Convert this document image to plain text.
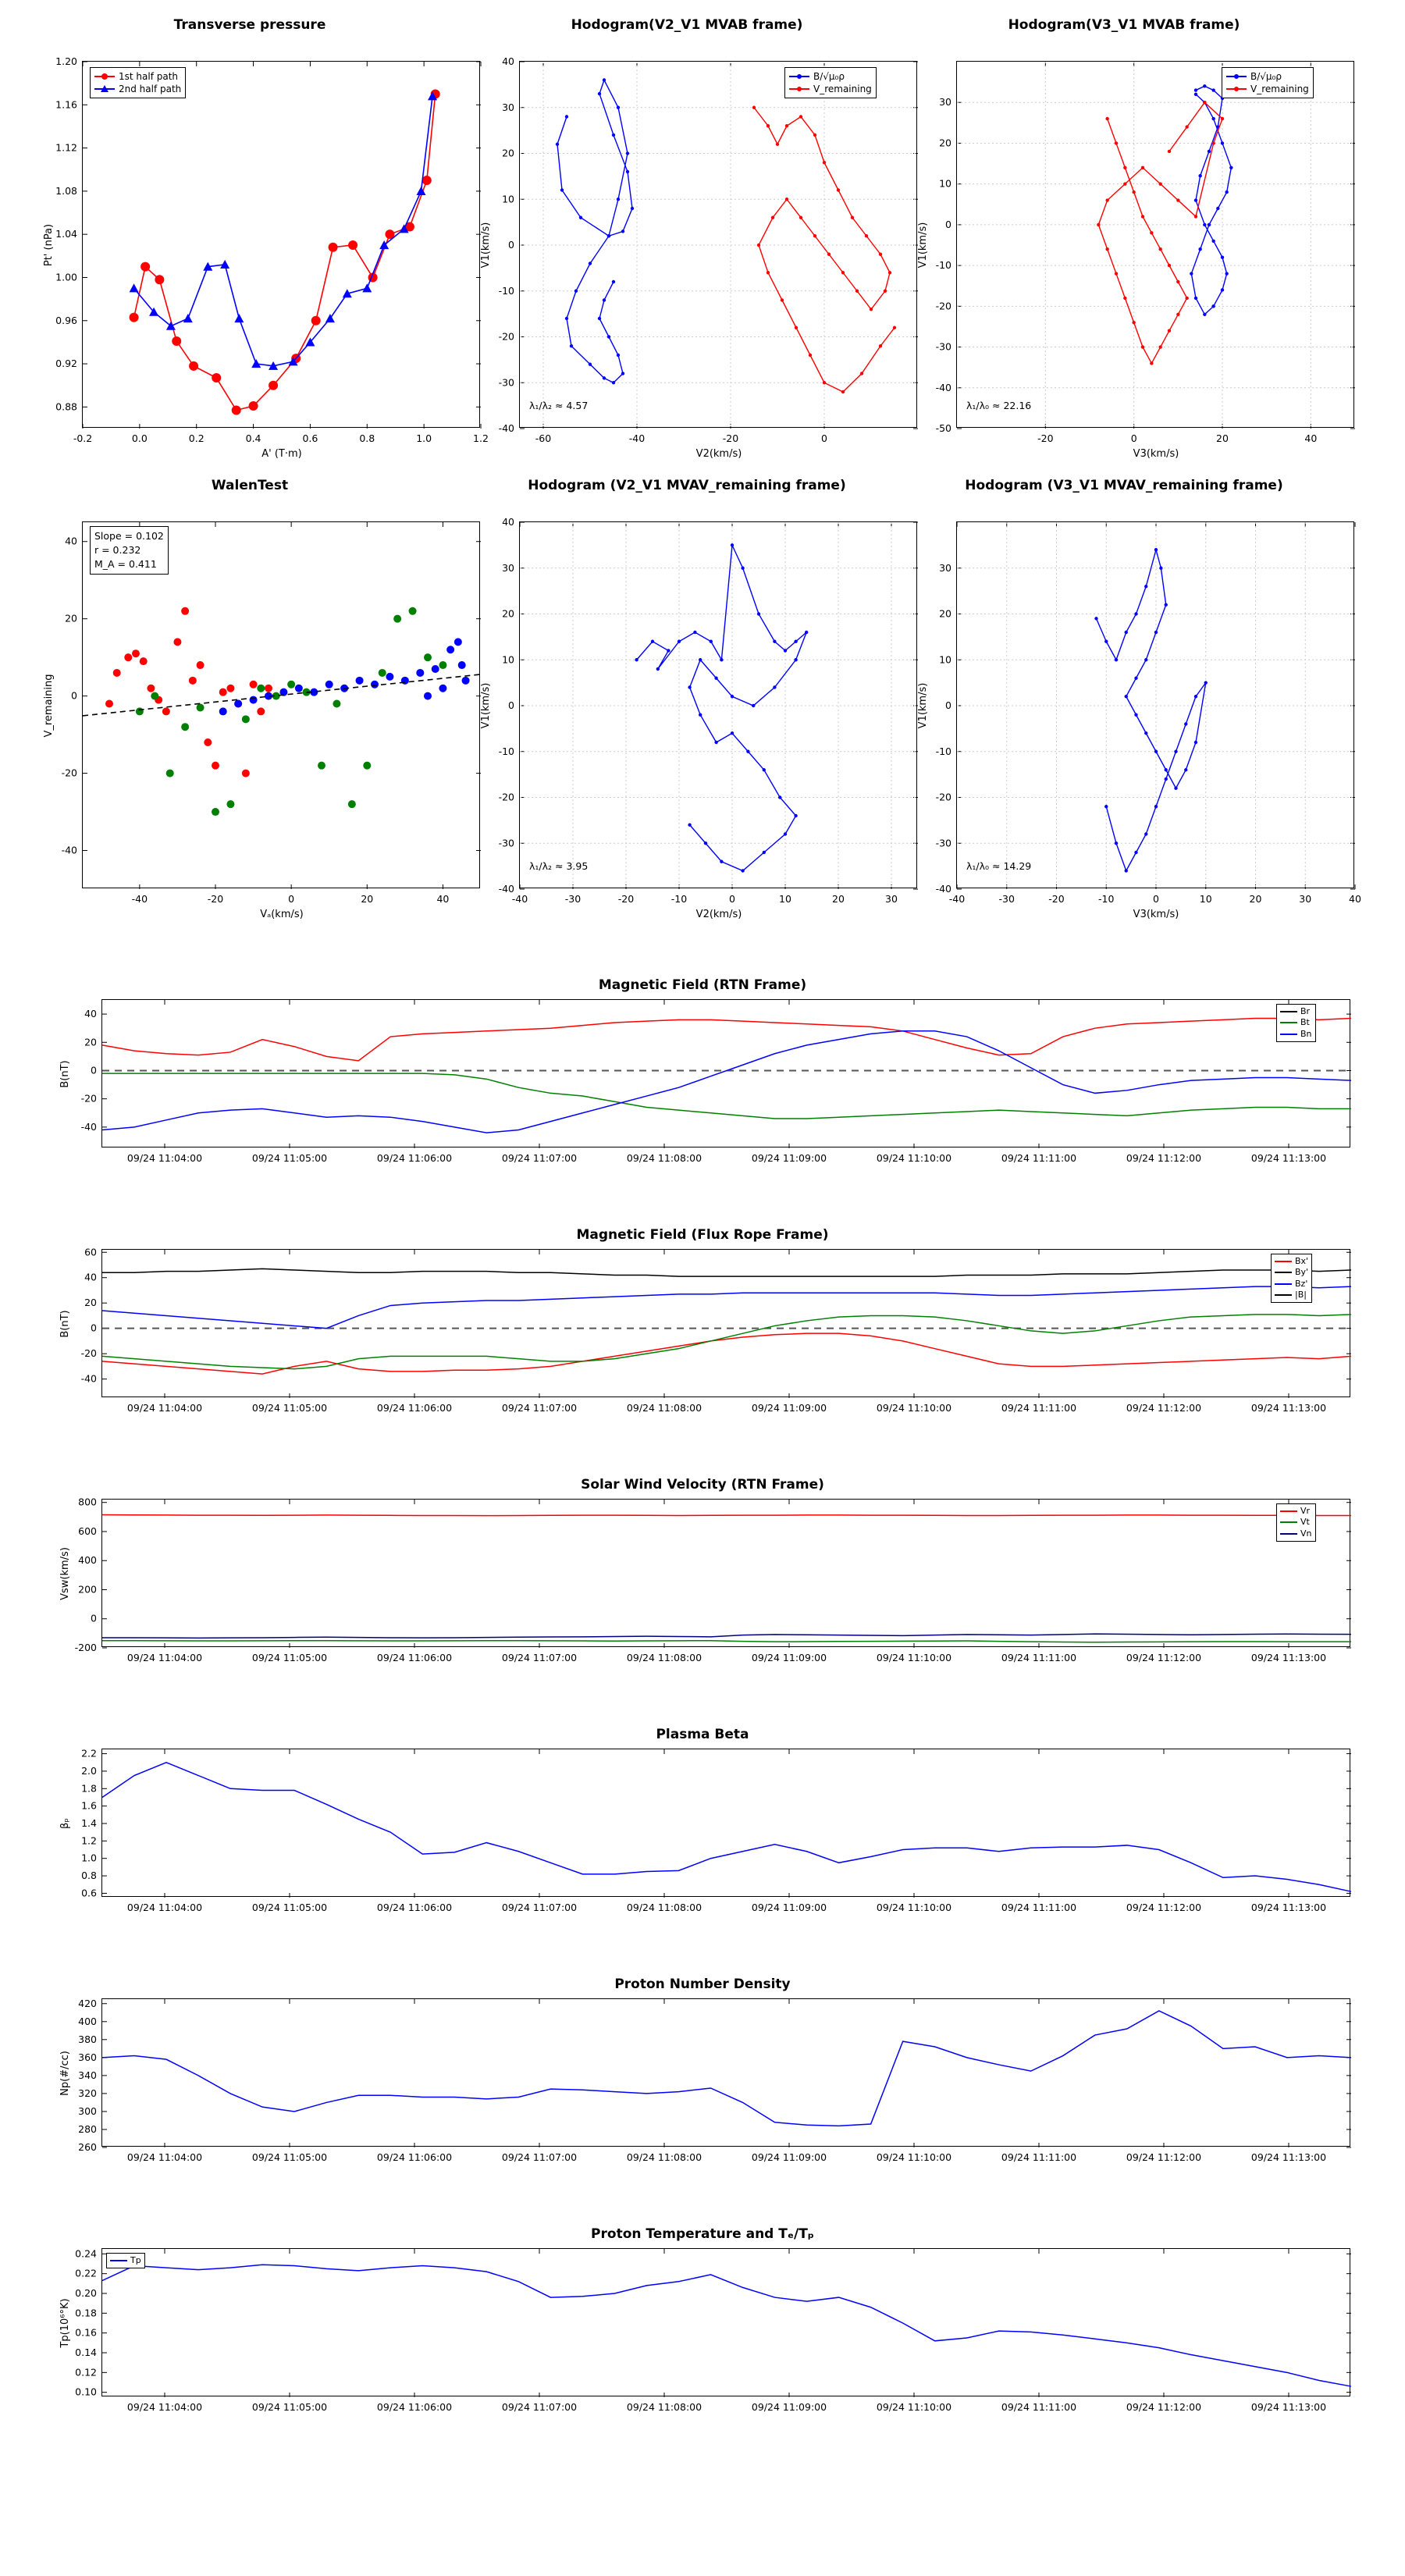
Transverse pressure
-0.2	0.0	0.2	0.4	0.6	0.8	1.0	1.2
0.88
0.92
0.96
1.00
1.04
1.08
1.12
1.16
1.20
A' (T·m)
Pt' (nPa)
1st half path
2nd half path
Hodogram(V2_V1 MVAB frame)
-60	-40	-20	0
-40
-30
-20
-10
0
10
20
30
40
V2(km/s)
V1(km/s)
B/√μ₀ρ
V_remaining
λ₁/λ₂ ≈ 4.57
Hodogram(V3_V1 MVAB frame)
-20	0	20	40
-50
-40
-30
-20
-10
0
10
20
30
V3(km/s)
V1(km/s)
B/√μ₀ρ
V_remaining
λ₁/λ₀ ≈ 22.16
WalenTest
-40	-20	0	20	40
-40
-20
0
20
40
Vₐ(km/s)
V_remaining
Slope = 0.102
r = 0.232
M_A = 0.411
Hodogram (V2_V1 MVAV_remaining frame)
-40	-30	-20	-10	0	10	20	30
-40
-30
-20
-10
0
10
20
30
40
V2(km/s)
V1(km/s)
λ₁/λ₂ ≈ 3.95
Hodogram (V3_V1 MVAV_remaining frame)
-40	-30	-20	-10	0	10	20	30	40
-40
-30
-20
-10
0
10
20
30
V3(km/s)
V1(km/s)
λ₁/λ₀ ≈ 14.29
Magnetic Field (RTN Frame)
-40
-20
0
20
40
09/24 11:04:00	09/24 11:05:00	09/24 11:06:00	09/24 11:07:00	09/24 11:08:00	09/24 11:09:00	09/24 11:10:00	09/24 11:11:00	09/24 11:12:00	09/24 11:13:00
B(nT)
Br
Bt
Bn
Magnetic Field (Flux Rope Frame)
-40
-20
0
20
40
60
09/24 11:04:00	09/24 11:05:00	09/24 11:06:00	09/24 11:07:00	09/24 11:08:00	09/24 11:09:00	09/24 11:10:00	09/24 11:11:00	09/24 11:12:00	09/24 11:13:00
B(nT)
Bx'
By'
Bz'
|B|
Solar Wind Velocity (RTN Frame)
-200
0
200
400
600
800
09/24 11:04:00	09/24 11:05:00	09/24 11:06:00	09/24 11:07:00	09/24 11:08:00	09/24 11:09:00	09/24 11:10:00	09/24 11:11:00	09/24 11:12:00	09/24 11:13:00
Vsw(km/s)
Vr
Vt
Vn
Plasma Beta
0.6
0.8
1.0
1.2
1.4
1.6
1.8
2.0
2.2
09/24 11:04:00	09/24 11:05:00	09/24 11:06:00	09/24 11:07:00	09/24 11:08:00	09/24 11:09:00	09/24 11:10:00	09/24 11:11:00	09/24 11:12:00	09/24 11:13:00
βₚ
Proton Number Density
260
280
300
320
340
360
380
400
420
09/24 11:04:00	09/24 11:05:00	09/24 11:06:00	09/24 11:07:00	09/24 11:08:00	09/24 11:09:00	09/24 11:10:00	09/24 11:11:00	09/24 11:12:00	09/24 11:13:00
Np(#/cc)
Proton Temperature and Tₑ/Tₚ
0.10
0.12
0.14
0.16
0.18
0.20
0.22
0.24
09/24 11:04:00	09/24 11:05:00	09/24 11:06:00	09/24 11:07:00	09/24 11:08:00	09/24 11:09:00	09/24 11:10:00	09/24 11:11:00	09/24 11:12:00	09/24 11:13:00
Tp(10⁶°K)
Tp
